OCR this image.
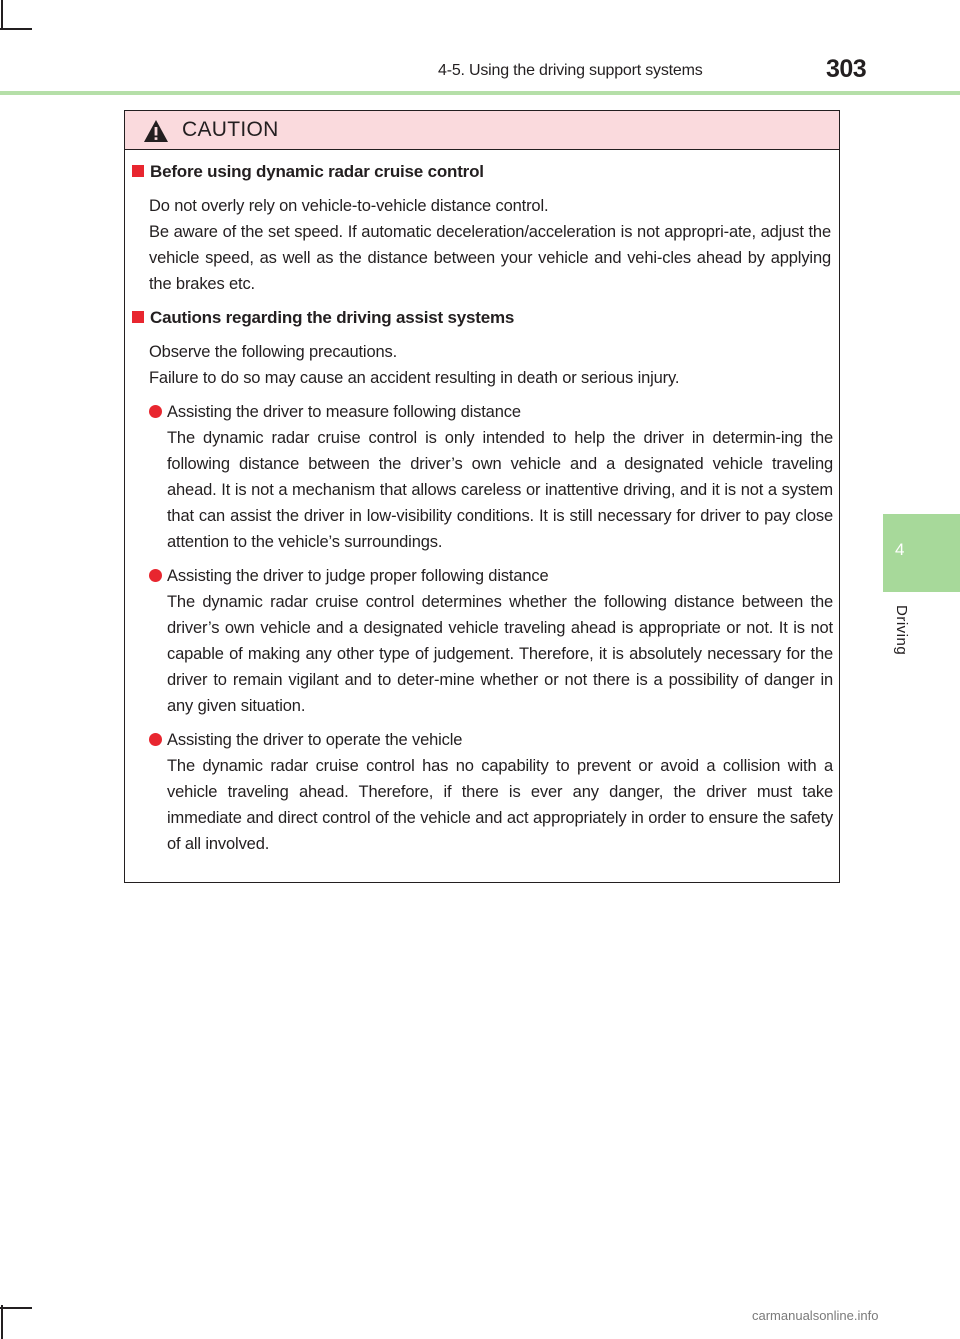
4-5. Using the driving support systems	303
4
Driving
CAUTION
Before using dynamic radar cruise control

Do not overly rely on vehicle-to-vehicle distance control.

Be aware of the set speed. If automatic deceleration/acceleration is not appropri-ate, adjust the vehicle speed, as well as the distance between your vehicle and vehi-cles ahead by applying the brakes etc.

Cautions regarding the driving assist systems

Observe the following precautions.

Failure to do so may cause an accident resulting in death or serious injury.

Assisting the driver to measure following distance
The dynamic radar cruise control is only intended to help the driver in determin-ing the following distance between the driver’s own vehicle and a designated vehicle traveling ahead. It is not a mechanism that allows careless or inattentive driving, and it is not a system that can assist the driver in low-visibility conditions. It is still necessary for driver to pay close attention to the vehicle’s surroundings.
Assisting the driver to judge proper following distance
The dynamic radar cruise control determines whether the following distance between the driver’s own vehicle and a designated vehicle traveling ahead is appropriate or not. It is not capable of making any other type of judgement. Therefore, it is absolutely necessary for the driver to remain vigilant and to deter-mine whether or not there is a possibility of danger in any given situation.
Assisting the driver to operate the vehicle
The dynamic radar cruise control has no capability to prevent or avoid a collision with a vehicle traveling ahead. Therefore, if there is ever any danger, the driver must take immediate and direct control of the vehicle and act appropriately in order to ensure the safety of all involved.
carmanualsonline.info
